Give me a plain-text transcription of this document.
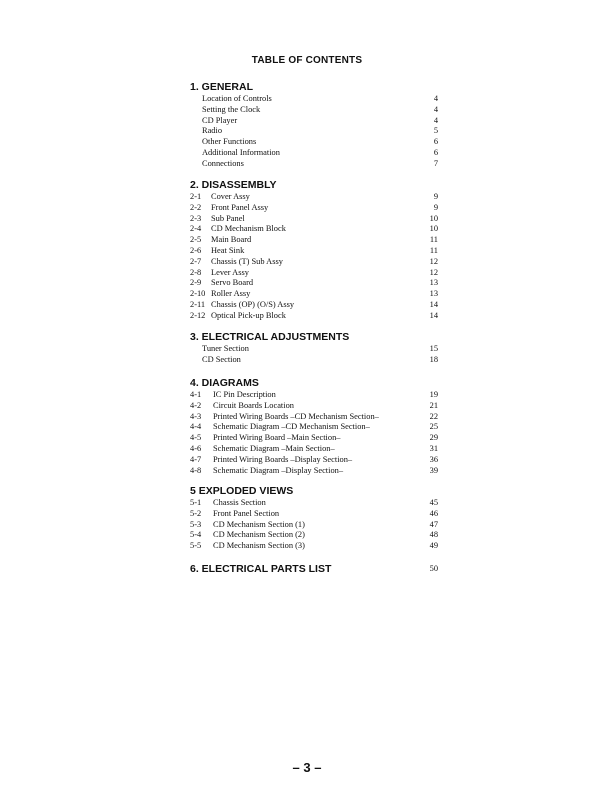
TABLE OF CONTENTS
1. GENERAL
Location of Controls	4
Setting the Clock	4
CD Player	4
Radio	5
Other Functions	6
Additional Information	6
Connections	7
2. DISASSEMBLY
2-1 Cover Assy	9
2-2 Front Panel Assy	9
2-3 Sub Panel	10
2-4 CD Mechanism Block	10
2-5 Main Board	11
2-6 Heat Sink	11
2-7 Chassis (T) Sub Assy	12
2-8 Lever Assy	12
2-9 Servo Board	13
2-10 Roller Assy	13
2-11 Chassis (OP) (O/S) Assy	14
2-12 Optical Pick-up Block	14
3. ELECTRICAL ADJUSTMENTS
Tuner Section	15
CD Section	18
4. DIAGRAMS
4-1 IC Pin Description	19
4-2 Circuit Boards Location	21
4-3 Printed Wiring Boards –CD Mechanism Section–	22
4-4 Schematic Diagram –CD Mechanism Section–	25
4-5 Printed Wiring Board –Main Section–	29
4-6 Schematic Diagram –Main Section–	31
4-7 Printed Wiring Boards –Display Section–	36
4-8 Schematic Diagram –Display Section–	39
5 EXPLODED VIEWS
5-1 Chassis Section	45
5-2 Front Panel Section	46
5-3 CD Mechanism Section (1)	47
5-4 CD Mechanism Section (2)	48
5-5 CD Mechanism Section (3)	49
6. ELECTRICAL PARTS LIST	50
– 3 –
